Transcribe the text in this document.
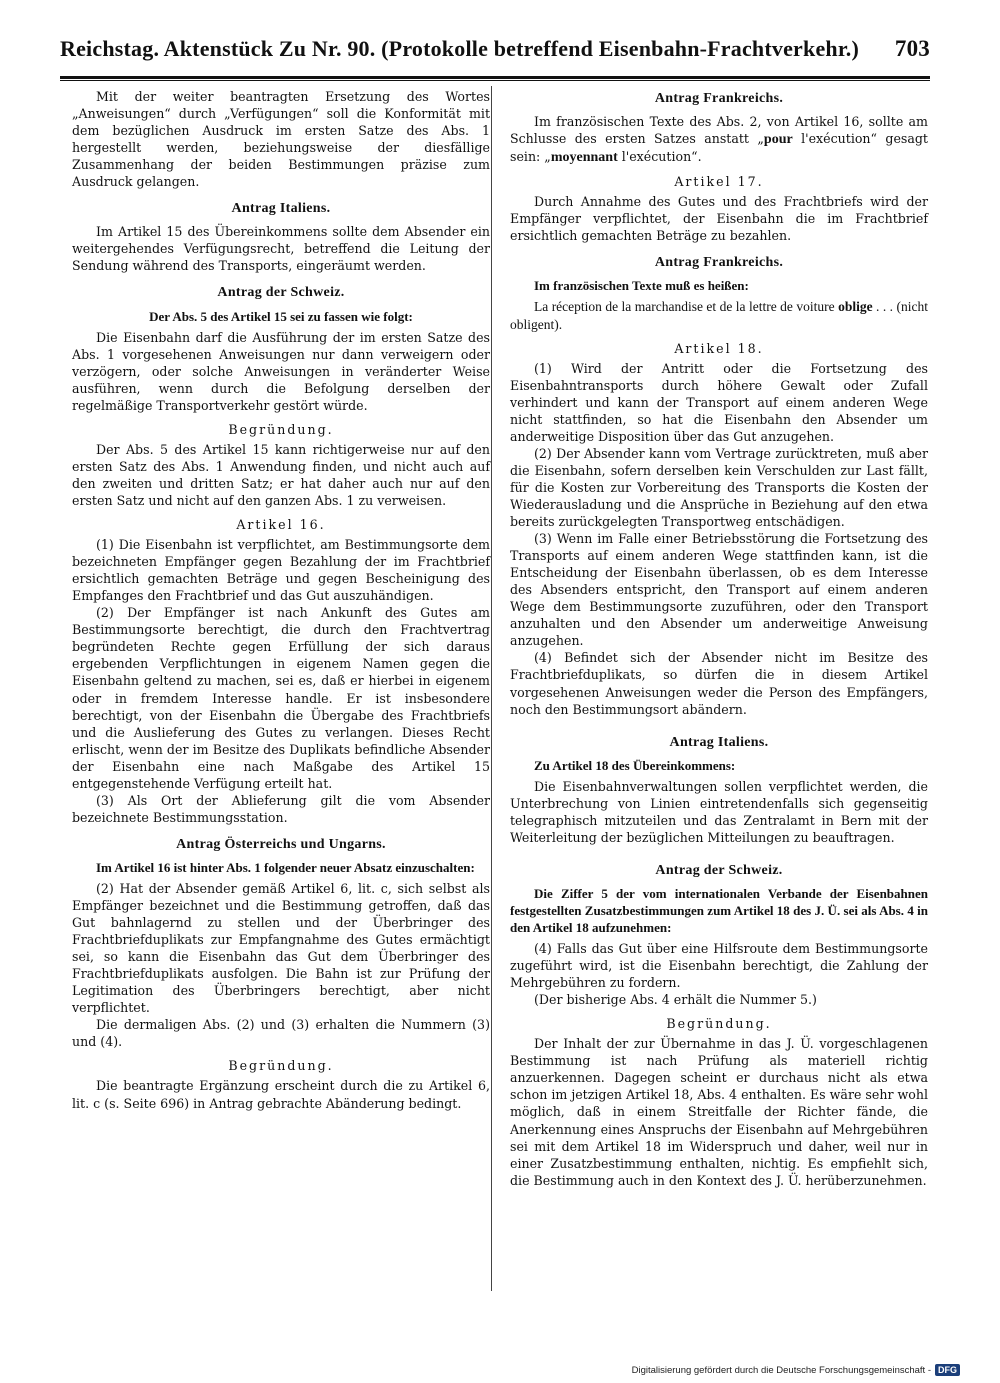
Reichstag. Aktenstück Zu Nr. 90. (Protokolle betreffend Eisenbahn-Frachtverkehr.) 703

Mit der weiter beantragten Ersetzung des Wortes „Anweisungen“ durch „Verfügungen“ soll die Konformität mit dem bezüglichen Ausdruck im ersten Satze des Abs. 1 hergestellt werden, beziehungsweise der diesfällige Zusammenhang der beiden Bestimmungen präzise zum Ausdruck gelangen.

Antrag Italiens.

Im Artikel 15 des Übereinkommens sollte dem Absender ein weitergehendes Verfügungsrecht, betreffend die Leitung der Sendung während des Transports, eingeräumt werden.

Antrag der Schweiz.
Der Abs. 5 des Artikel 15 sei zu fassen wie folgt:

Die Eisenbahn darf die Ausführung der im ersten Satze des Abs. 1 vorgesehenen Anweisungen nur dann verweigern oder verzögern, oder solche Anweisungen in veränderter Weise ausführen, wenn durch die Befolgung derselben der regelmäßige Transportverkehr gestört würde.

Begründung.

Der Abs. 5 des Artikel 15 kann richtigerweise nur auf den ersten Satz des Abs. 1 Anwendung finden, und nicht auch auf den zweiten und dritten Satz; er hat daher auch nur auf den ersten Satz und nicht auf den ganzen Abs. 1 zu verweisen.

Artikel 16.

(1) Die Eisenbahn ist verpflichtet, am Bestimmungsorte dem bezeichneten Empfänger gegen Bezahlung der im Frachtbrief ersichtlich gemachten Beträge und gegen Bescheinigung des Empfanges den Frachtbrief und das Gut auszuhändigen.

(2) Der Empfänger ist nach Ankunft des Gutes am Bestimmungsorte berechtigt, die durch den Frachtvertrag begründeten Rechte gegen Erfüllung der sich daraus ergebenden Verpflichtungen in eigenem Namen gegen die Eisenbahn geltend zu machen, sei es, daß er hierbei in eigenem oder in fremdem Interesse handle. Er ist insbesondere berechtigt, von der Eisenbahn die Übergabe des Frachtbriefs und die Auslieferung des Gutes zu verlangen. Dieses Recht erlischt, wenn der im Besitze des Duplikats befindliche Absender der Eisenbahn eine nach Maßgabe des Artikel 15 entgegenstehende Verfügung erteilt hat.

(3) Als Ort der Ablieferung gilt die vom Absender bezeichnete Bestimmungsstation.

Antrag Österreichs und Ungarns.
Im Artikel 16 ist hinter Abs. 1 folgender neuer Absatz einzuschalten:

(2) Hat der Absender gemäß Artikel 6, lit. c, sich selbst als Empfänger bezeichnet und die Bestimmung getroffen, daß das Gut bahnlagernd zu stellen und der Überbringer des Frachtbriefduplikats zur Empfangnahme des Gutes ermächtigt sei, so kann die Eisenbahn das Gut dem Überbringer des Frachtbriefduplikats ausfolgen. Die Bahn ist zur Prüfung der Legitimation des Überbringers berechtigt, aber nicht verpflichtet.

Die dermaligen Abs. (2) und (3) erhalten die Nummern (3) und (4).

Begründung.

Die beantragte Ergänzung erscheint durch die zu Artikel 6, lit. c (s. Seite 696) in Antrag gebrachte Abänderung bedingt.

Antrag Frankreichs.

Im französischen Texte des Abs. 2, von Artikel 16, sollte am Schlusse des ersten Satzes anstatt „pour l'exécution“ gesagt sein: „moyennant l'exécution“.

Artikel 17.

Durch Annahme des Gutes und des Frachtbriefs wird der Empfänger verpflichtet, der Eisenbahn die im Frachtbrief ersichtlich gemachten Beträge zu bezahlen.

Antrag Frankreichs.
Im französischen Texte muß es heißen:

La réception de la marchandise et de la lettre de voiture oblige . . . (nicht obligent).

Artikel 18.

(1) Wird der Antritt oder die Fortsetzung des Eisenbahntransports durch höhere Gewalt oder Zufall verhindert und kann der Transport auf einem anderen Wege nicht stattfinden, so hat die Eisenbahn den Absender um anderweitige Disposition über das Gut anzugehen.

(2) Der Absender kann vom Vertrage zurücktreten, muß aber die Eisenbahn, sofern derselben kein Verschulden zur Last fällt, für die Kosten zur Vorbereitung des Transports die Kosten der Wiederausladung und die Ansprüche in Beziehung auf den etwa bereits zurückgelegten Transportweg entschädigen.

(3) Wenn im Falle einer Betriebsstörung die Fortsetzung des Transports auf einem anderen Wege stattfinden kann, ist die Entscheidung der Eisenbahn überlassen, ob es dem Interesse des Absenders entspricht, den Transport auf einem anderen Wege dem Bestimmungsorte zuzuführen, oder den Transport anzuhalten und den Absender um anderweitige Anweisung anzugehen.

(4) Befindet sich der Absender nicht im Besitze des Frachtbriefduplikats, so dürfen die in diesem Artikel vorgesehenen Anweisungen weder die Person des Empfängers, noch den Bestimmungsort abändern.

Antrag Italiens.
Zu Artikel 18 des Übereinkommens:

Die Eisenbahnverwaltungen sollen verpflichtet werden, die Unterbrechung von Linien eintretendenfalls sich gegenseitig telegraphisch mitzuteilen und das Zentralamt in Bern mit der Weiterleitung der bezüglichen Mitteilungen zu beauftragen.

Antrag der Schweiz.
Die Ziffer 5 der vom internationalen Verbande der Eisenbahnen festgestellten Zusatzbestimmungen zum Artikel 18 des J. Ü. sei als Abs. 4 in den Artikel 18 aufzunehmen:

(4) Falls das Gut über eine Hilfsroute dem Bestimmungsorte zugeführt wird, ist die Eisenbahn berechtigt, die Zahlung der Mehrgebühren zu fordern.

(Der bisherige Abs. 4 erhält die Nummer 5.)

Begründung.

Der Inhalt der zur Übernahme in das J. Ü. vorgeschlagenen Bestimmung ist nach Prüfung als materiell richtig anzuerkennen. Dagegen scheint er durchaus nicht als etwa schon im jetzigen Artikel 18, Abs. 4 enthalten. Es wäre sehr wohl möglich, daß in einem Streitfalle der Richter fände, die Anerkennung eines Anspruchs der Eisenbahn auf Mehrgebühren sei mit dem Artikel 18 im Widerspruch und daher, weil nur in einer Zusatzbestimmung enthalten, nichtig. Es empfiehlt sich, die Bestimmung auch in den Kontext des J. Ü. herüberzunehmen.

Digitalisierung gefördert durch die Deutsche Forschungsgemeinschaft - DFG
